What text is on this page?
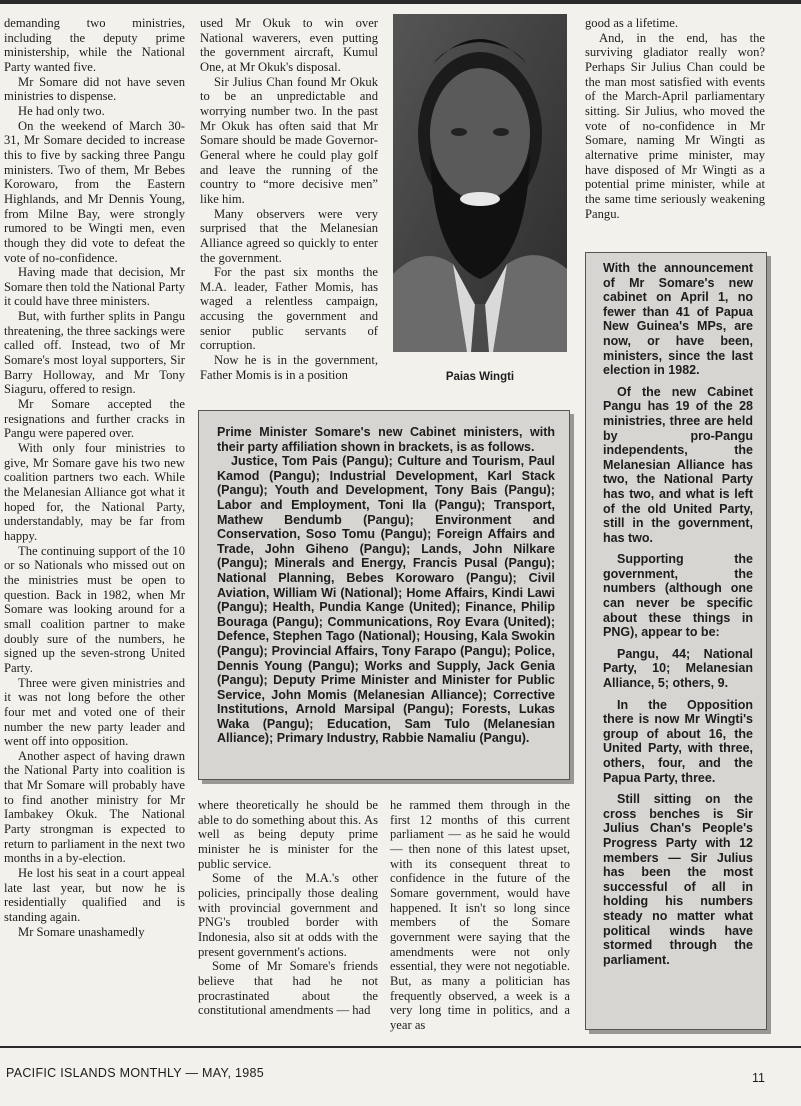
demanding two ministries, including the deputy prime ministership, while the National Party wanted five.

Mr Somare did not have seven ministries to dispense.

He had only two.

On the weekend of March 30-31, Mr Somare decided to increase this to five by sacking three Pangu ministers. Two of them, Mr Bebes Korowaro, from the Eastern Highlands, and Mr Dennis Young, from Milne Bay, were strongly rumored to be Wingti men, even though they did vote to defeat the vote of no-confidence.

Having made that decision, Mr Somare then told the National Party it could have three ministers.

But, with further splits in Pangu threatening, the three sackings were called off. Instead, two of Mr Somare's most loyal supporters, Sir Barry Holloway, and Mr Tony Siaguru, offered to resign.

Mr Somare accepted the resignations and further cracks in Pangu were papered over.

With only four ministries to give, Mr Somare gave his two new coalition partners two each. While the Melanesian Alliance got what it hoped for, the National Party, understandably, may be far from happy.

The continuing support of the 10 or so Nationals who missed out on the ministries must be open to question. Back in 1982, when Mr Somare was looking around for a small coalition partner to make doubly sure of the numbers, he signed up the seven-strong United Party.

Three were given ministries and it was not long before the other four met and voted one of their number the new party leader and went off into opposition.

Another aspect of having drawn the National Party into coalition is that Mr Somare will probably have to find another ministry for Mr Iambakey Okuk. The National Party strongman is expected to return to parliament in the next two months in a by-election.

He lost his seat in a court appeal late last year, but now he is residentially qualified and is standing again.

Mr Somare unashamedly

used Mr Okuk to win over National waverers, even putting the government aircraft, Kumul One, at Mr Okuk's disposal.

Sir Julius Chan found Mr Okuk to be an unpredictable and worrying number two. In the past Mr Okuk has often said that Mr Somare should be made Governor-General where he could play golf and leave the running of the country to “more decisive men” like him.

Many observers were very surprised that the Melanesian Alliance agreed so quickly to enter the government.

For the past six months the M.A. leader, Father Momis, has waged a relentless campaign, accusing the government and senior public servants of corruption.

Now he is in the government, Father Momis is in a position	Paias Wingti

Prime Minister Somare's new Cabinet ministers, with their party affiliation shown in brackets, is as follows.

Justice, Tom Pais (Pangu); Culture and Tourism, Paul Kamod (Pangu); Industrial Development, Karl Stack (Pangu); Youth and Development, Tony Bais (Pangu); Labor and Employment, Toni Ila (Pangu); Transport, Mathew Bendumb (Pangu); Environment and Conservation, Soso Tomu (Pangu); Foreign Affairs and Trade, John Giheno (Pangu); Lands, John Nilkare (Pangu); Minerals and Energy, Francis Pusal (Pangu); National Planning, Bebes Korowaro (Pangu); Civil Aviation, William Wi (National); Home Affairs, Kindi Lawi (Pangu); Health, Pundia Kange (United); Finance, Philip Bouraga (Pangu); Communications, Roy Evara (United); Defence, Stephen Tago (National); Housing, Kala Swokin (Pangu); Provincial Affairs, Tony Farapo (Pangu); Police, Dennis Young (Pangu); Works and Supply, Jack Genia (Pangu); Deputy Prime Minister and Minister for Public Service, John Momis (Melanesian Alliance); Corrective Institutions, Arnold Marsipal (Pangu); Forests, Lukas Waka (Pangu); Education, Sam Tulo (Melanesian Alliance); Primary Industry, Rabbie Namaliu (Pangu).

where theoretically he should be able to do something about this. As well as being deputy prime minister he is minister for the public service.

Some of the M.A.'s other policies, principally those dealing with provincial government and PNG's troubled border with Indonesia, also sit at odds with the present government's actions.

Some of Mr Somare's friends believe that had he not procrastinated about the constitutional amendments — had

he rammed them through in the first 12 months of this current parliament — as he said he would — then none of this latest upset, with its consequent threat to confidence in the future of the Somare government, would have happened. It isn't so long since members of the Somare government were saying that the amendments were not only essential, they were not negotiable. But, as many a politician has frequently observed, a week is a very long time in politics, and a year as

good as a lifetime.

And, in the end, has the surviving gladiator really won? Perhaps Sir Julius Chan could be the man most satisfied with events of the March-April parliamentary sitting. Sir Julius, who moved the vote of no-confidence in Mr Somare, naming Mr Wingti as alternative prime minister, may have disposed of Mr Wingti as a potential prime minister, while at the same time seriously weakening Pangu.

With the announcement of Mr Somare's new cabinet on April 1, no fewer than 41 of Papua New Guinea's MPs, are now, or have been, ministers, since the last election in 1982.

Of the new Cabinet Pangu has 19 of the 28 ministries, three are held by pro-Pangu independents, the Melanesian Alliance has two, the National Party has two, and what is left of the old United Party, still in the government, has two.

Supporting the government, the numbers (although one can never be specific about these things in PNG), appear to be:

Pangu, 44; National Party, 10; Melanesian Alliance, 5; others, 9.

In the Opposition there is now Mr Wingti's group of about 16, the United Party, with three, others, four, and the Papua Party, three.

Still sitting on the cross benches is Sir Julius Chan's People's Progress Party with 12 members — Sir Julius has been the most successful of all in holding his numbers steady no matter what political winds have stormed through the parliament.

PACIFIC ISLANDS MONTHLY — MAY, 1985	11
